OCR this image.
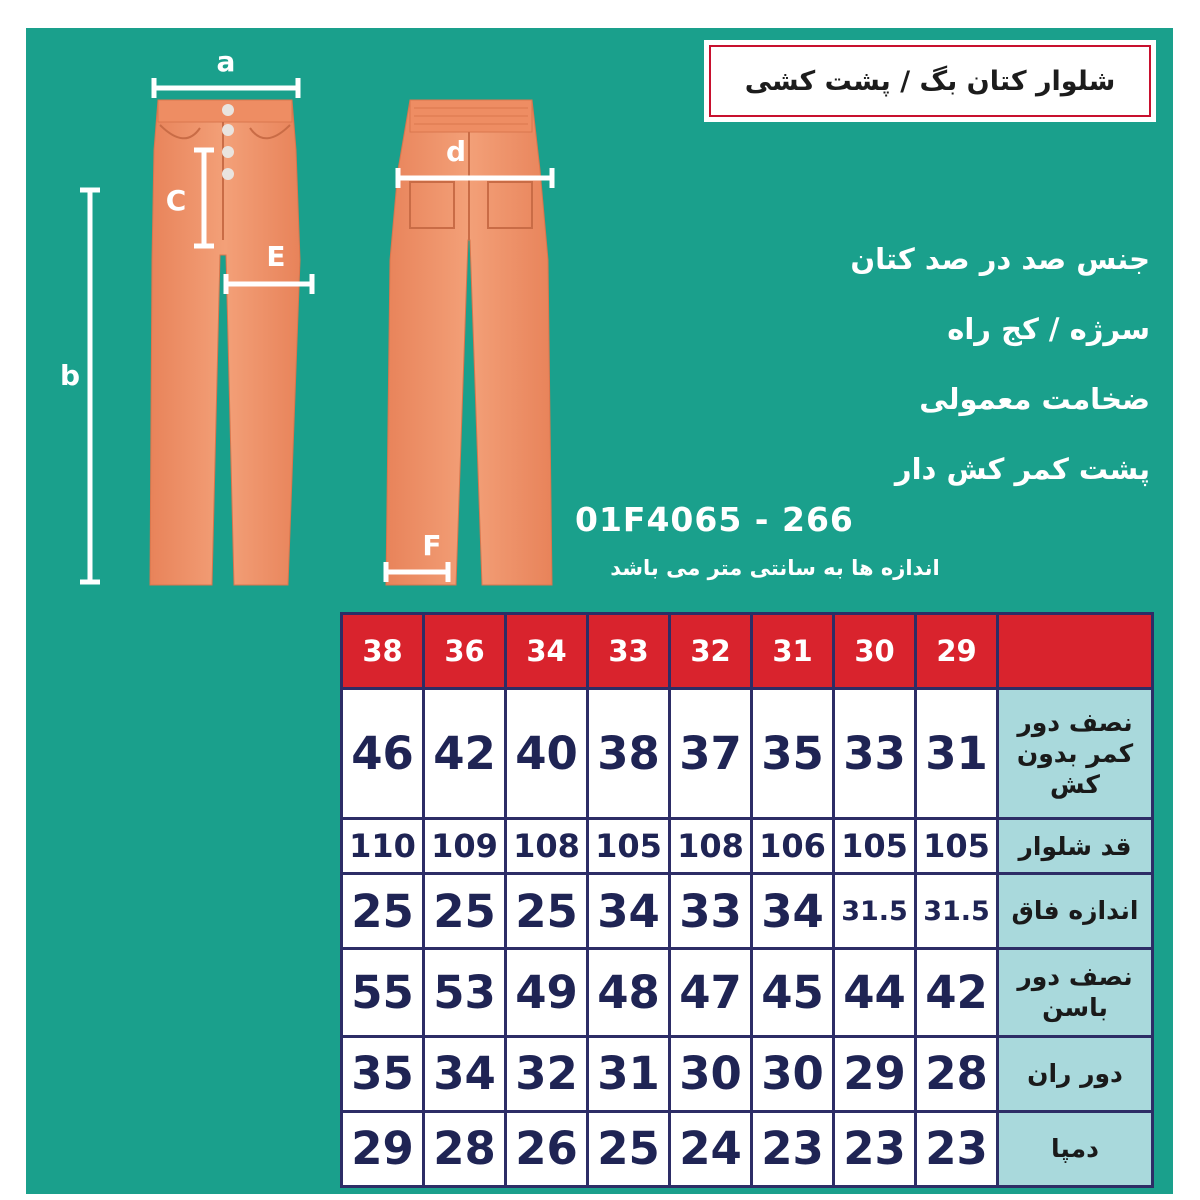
a
b
C
E
d
F
شلوار کتان بگ / پشت کشی
جنس صد در صد کتان
سرژه / کج راه
ضخامت معمولی
پشت کمر کش دار
01F4065 - 266
اندازه ها به سانتی متر می باشد
38	36	34	33	32	31	30	29	
46	42	40	38	37	35	33	31	نصف دور کمر بدون کش
110	109	108	105	108	106	105	105	قد شلوار
25	25	25	34	33	34	31.5	31.5	اندازه فاق
55	53	49	48	47	45	44	42	نصف دور باسن
35	34	32	31	30	30	29	28	دور ران
29	28	26	25	24	23	23	23	دمپا
